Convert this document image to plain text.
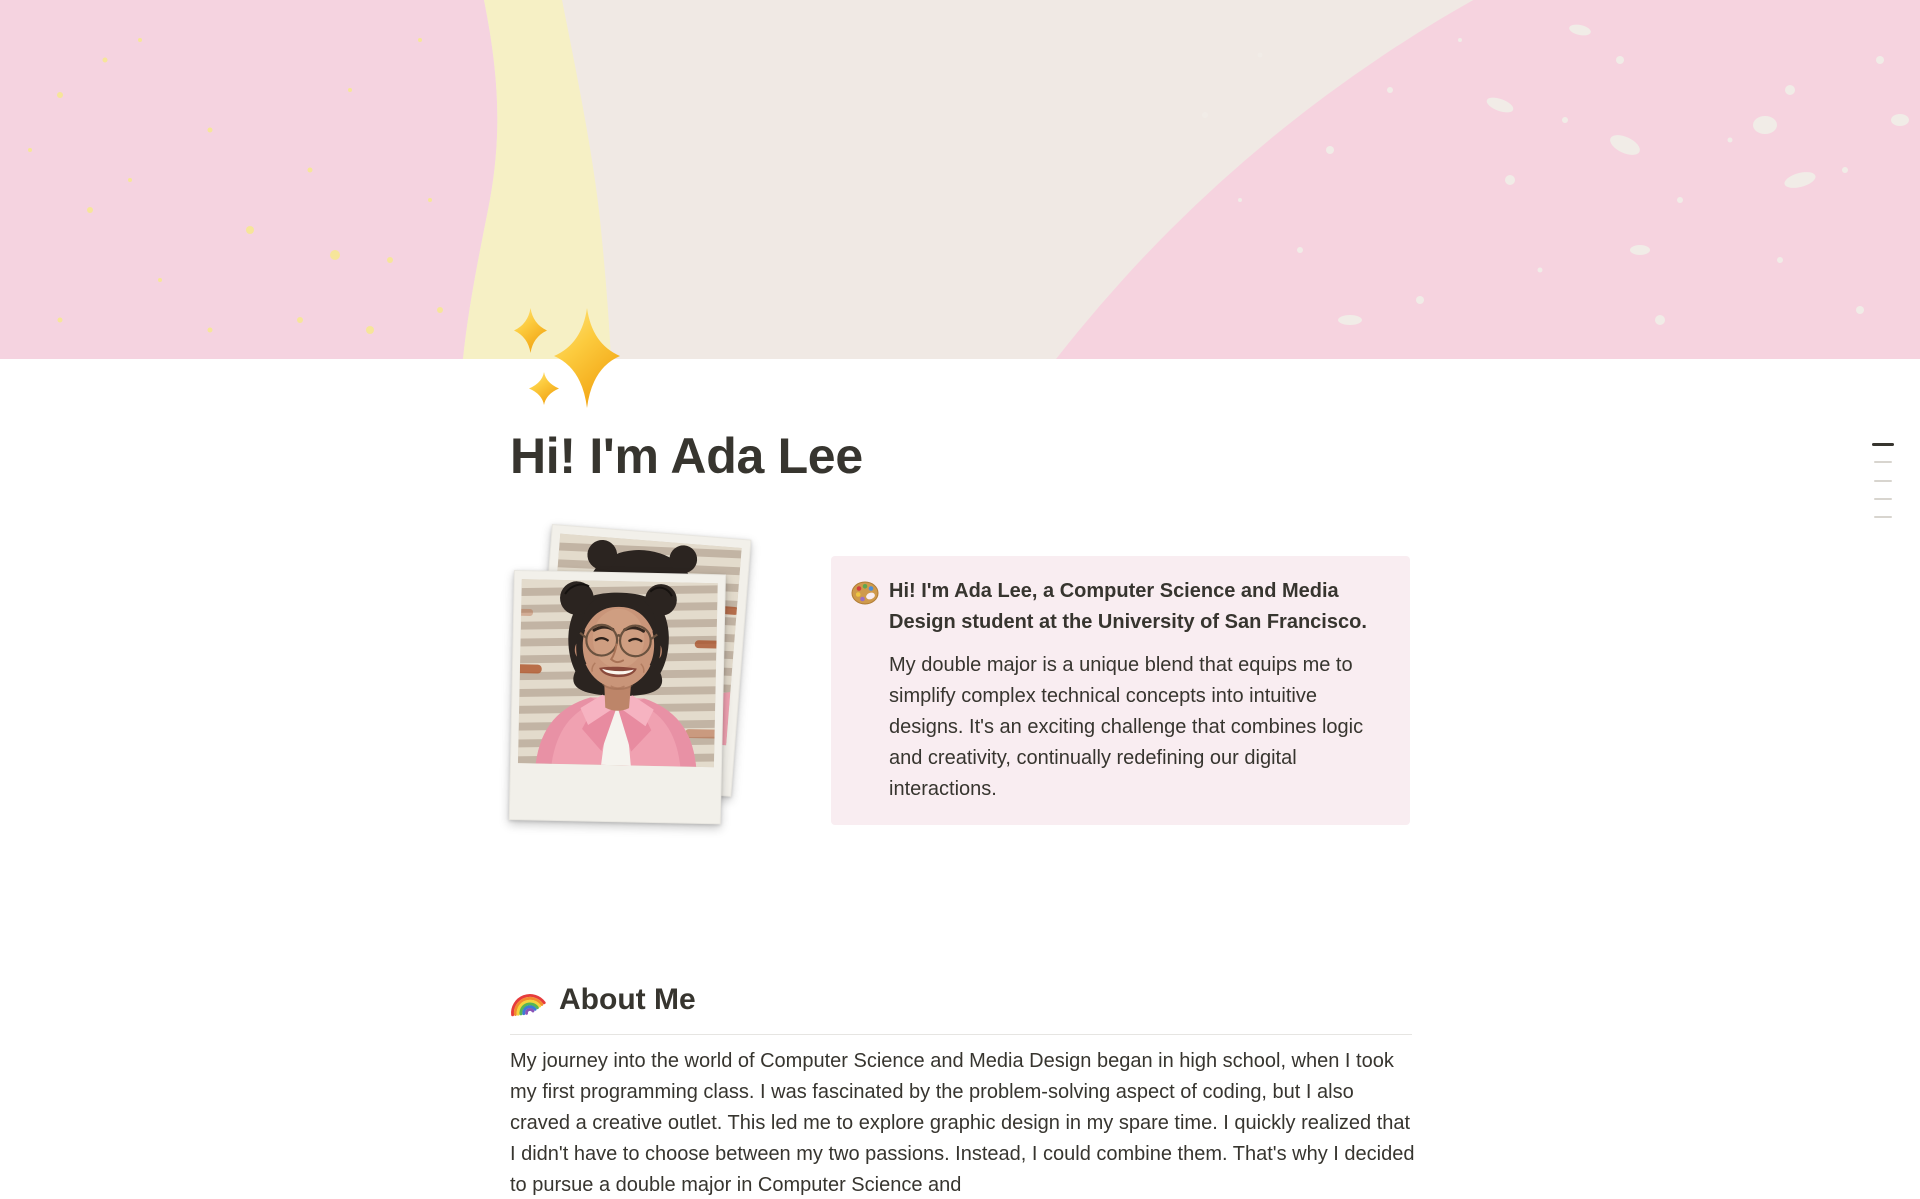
Hi! I'm Ada Lee

Hi! I'm Ada Lee, a Computer Science and Media Design student at the University of San Francisco.

My double major is a unique blend that equips me to simplify complex technical concepts into intuitive designs. It's an exciting challenge that combines logic and creativity, continually redefining our digital interactions.

About Me

My journey into the world of Computer Science and Media Design began in high school, when I took my first programming class. I was fascinated by the problem-solving aspect of coding, but I also craved a creative outlet. This led me to explore graphic design in my spare time. I quickly realized that I didn't have to choose between my two passions. Instead, I could combine them. That's why I decided to pursue a double major in Computer Science and
